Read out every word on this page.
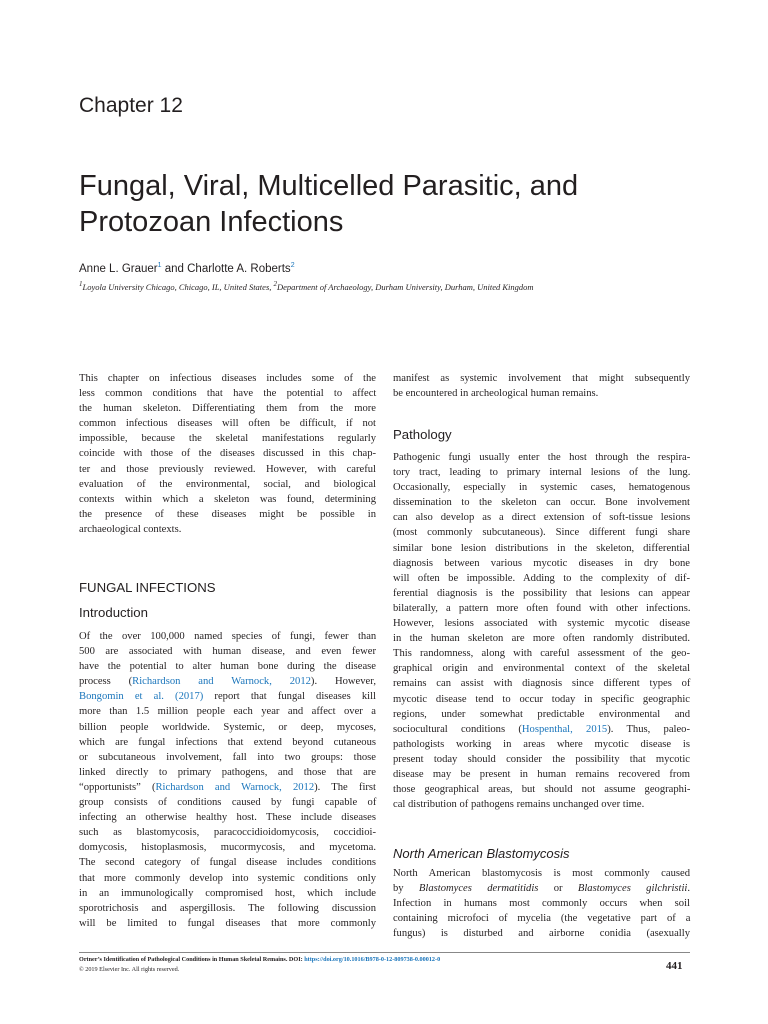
Chapter 12
Fungal, Viral, Multicelled Parasitic, and
Protozoan Infections
Anne L. Grauer$^1$ and Charlotte A. Roberts$^2$
$^1$Loyola University Chicago, Chicago, IL, United States, $^2$Department of Archaeology, Durham University, Durham, United Kingdom
This chapter on infectious diseases includes some of the
less common conditions that have the potential to affect
the human skeleton. Differentiating them from the more
common infectious diseases will often be difficult, if not
impossible, because the skeletal manifestations regularly
coincide with those of the diseases discussed in this chap-
ter and those previously reviewed. However, with careful
evaluation of the environmental, social, and biological
contexts within which a skeleton was found, determining
the presence of these diseases might be possible in
archaeological contexts.
FUNGAL INFECTIONS
Introduction
Of the over 100,000 named species of fungi, fewer than
500 are associated with human disease, and even fewer
have the potential to alter human bone during the disease
process (Richardson and Warnock, 2012). However,
Bongomin et al. (2017) report that fungal diseases kill
more than 1.5 million people each year and affect over a
billion people worldwide. Systemic, or deep, mycoses,
which are fungal infections that extend beyond cutaneous
or subcutaneous involvement, fall into two groups: those
linked directly to primary pathogens, and those that are
“opportunists” (Richardson and Warnock, 2012). The first
group consists of conditions caused by fungi capable of
infecting an otherwise healthy host. These include diseases
such as blastomycosis, paracoccidioidomycosis, coccidioi-
domycosis, histoplasmosis, mucormycosis, and mycetoma.
The second category of fungal disease includes conditions
that more commonly develop into systemic conditions only
in an immunologically compromised host, which include
sporotrichosis and aspergillosis. The following discussion
will be limited to fungal diseases that more commonly
manifest as systemic involvement that might subsequently
be encountered in archeological human remains.
Pathology
Pathogenic fungi usually enter the host through the respira-
tory tract, leading to primary internal lesions of the lung.
Occasionally, especially in systemic cases, hematogenous
dissemination to the skeleton can occur. Bone involvement
can also develop as a direct extension of soft-tissue lesions
(most commonly subcutaneous). Since different fungi share
similar bone lesion distributions in the skeleton, differential
diagnosis between various mycotic diseases in dry bone
will often be impossible. Adding to the complexity of dif-
ferential diagnosis is the possibility that lesions can appear
bilaterally, a pattern more often found with other infections.
However, lesions associated with systemic mycotic disease
in the human skeleton are more often randomly distributed.
This randomness, along with careful assessment of the geo-
graphical origin and environmental context of the skeletal
remains can assist with diagnosis since different types of
mycotic disease tend to occur today in specific geographic
regions, under somewhat predictable environmental and
sociocultural conditions (Hospenthal, 2015). Thus, paleo-
pathologists working in areas where mycotic disease is
present today should consider the possibility that mycotic
disease may be present in human remains recovered from
those geographical areas, but should not assume geographi-
cal distribution of pathogens remains unchanged over time.
North American Blastomycosis
North American blastomycosis is most commonly caused
by Blastomyces dermatitidis or Blastomyces gilchristii.
Infection in humans most commonly occurs when soil
containing microfoci of mycelia (the vegetative part of a
fungus) is disturbed and airborne conidia (asexually
Ortner’s Identification of Pathological Conditions in Human Skeletal Remains. DOI: https://doi.org/10.1016/B978-0-12-809738-0.00012-0
© 2019 Elsevier Inc. All rights reserved.	441
